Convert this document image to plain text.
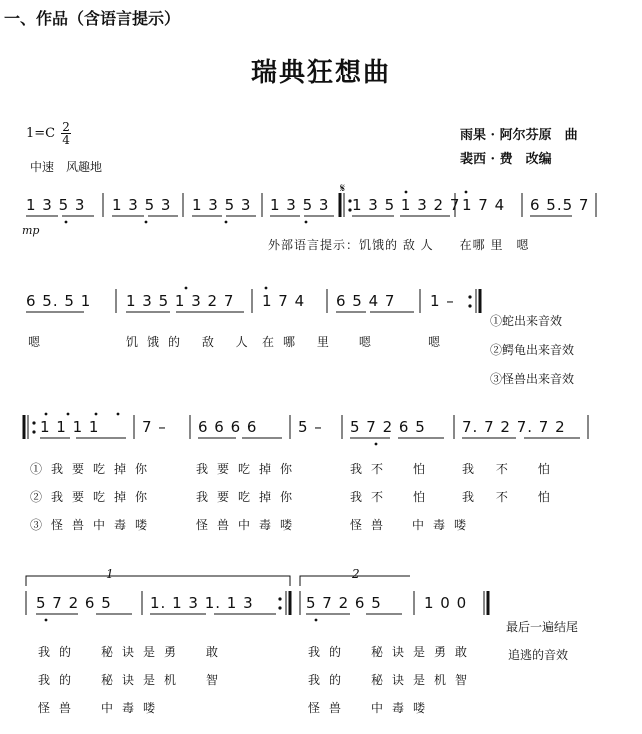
一、作品（含语言提示）
瑞典狂想曲
$1=C \frac{2}{4}$
中速　风趣地
雨果 · 阿尔芬原　曲
裴西 · 费　改编
𝄋
1 3 5 3 1 3 5 3 1 3 5 3 1 3 5 3 1 3 5 1 3 2 7 1 7 4 6 5.5 7
mp
外部语言提示：饥饿的 敌 人　　在哪 里　嗯
6 5. 5 1 1 3 5 1 3 2 7 1 7 4 6 5 4 7 1 –
嗯	饥饿的 敌 人 在哪 里　嗯	嗯
①蛇出来音效
②鳄龟出来音效
③怪兽出来音效
1 1 1 1	7 – 6 6 6 6	5 – 5 7 2 6 5 7. 7 2 7. 7 2
①我要吃掉你	我要吃掉你	我不　怕 我 不　怕
②我要吃掉你	我要吃掉你	我不　怕 我 不　怕
③怪兽中毒喽	怪兽中毒喽	怪兽 中毒喽
1	2
5 7 2 6 5	1. 1 3 1. 1 3	5 7 2 6 5	1 0 0
最后一遍结尾
追逃的音效
我的　秘诀是勇　敢	我的　秘诀是勇敢
我的　秘诀是机　智	我的　秘诀是机智
怪兽　中毒喽	怪兽　中毒喽
